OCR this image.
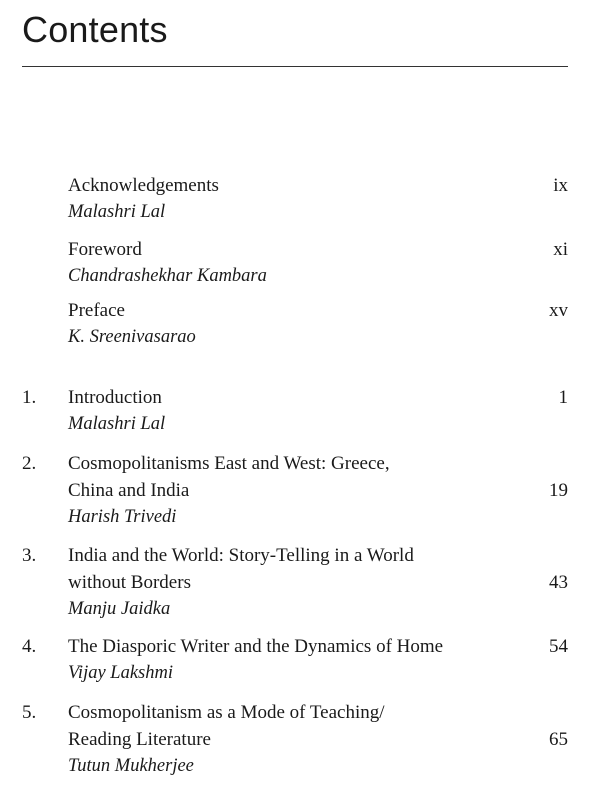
Contents
Acknowledgements	ix
Malashri Lal
Foreword	xi
Chandrashekhar Kambara
Preface	xv
K. Sreenivasarao
1. Introduction	1
Malashri Lal
2. Cosmopolitanisms East and West: Greece,
China and India	19
Harish Trivedi
3. India and the World: Story-Telling in a World
without Borders	43
Manju Jaidka
4. The Diasporic Writer and the Dynamics of Home	54
Vijay Lakshmi
5. Cosmopolitanism as a Mode of Teaching/
Reading Literature	65
Tutun Mukherjee
